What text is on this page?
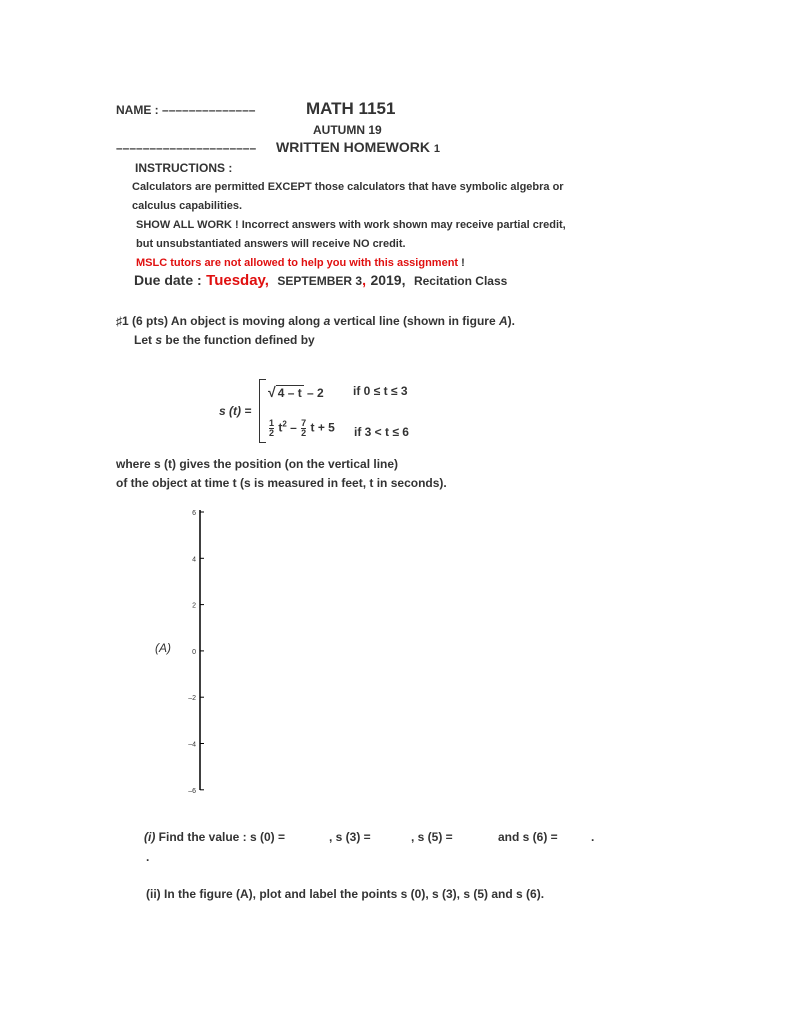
NAME : ––––––––––––––	MATH 1151
AUTUMN 19
––––––––––––––––––––– WRITTEN HOMEWORK 1
INSTRUCTIONS :
Calculators are permitted EXCEPT those calculators that have symbolic algebra or
calculus capabilities.
SHOW ALL WORK ! Incorrect answers with work shown may receive partial credit,
but unsubstantiated answers will receive NO credit.
MSLC tutors are not allowed to help you with this assignment !
Due date : Tuesday, SEPTEMBER 3, 2019, Recitation Class
♯1 (6 pts) An object is moving along a vertical line (shown in figure A).
Let s be the function defined by
s (t) =
√ 4 – t – 2 if 0 ≤ t ≤ 3
$\frac{1}{2} t^2 - \frac{7}{2}$ t + 5 if 3 < t ≤ 6
where s (t) gives the position (on the vertical line)
of the object at time t (s is measured in feet, t in seconds).
(A)
6
4
2
0
–2
–4
–6
(i) Find the value : s (0) =	, s (3) =	, s (5) =	and s (6) =	.
.
(ii) In the figure (A), plot and label the points s (0), s (3), s (5) and s (6).
